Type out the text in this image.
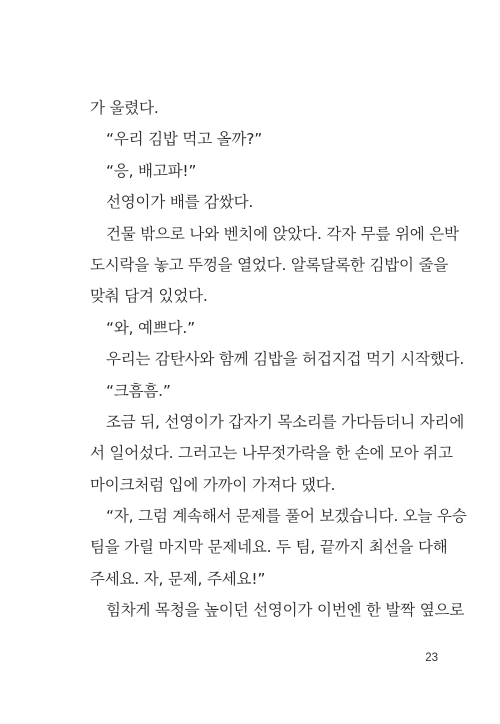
가 울렸다.
“우리 김밥 먹고 올까?”
“응, 배고파!”
선영이가 배를 감쌌다.
건물 밖으로 나와 벤치에 앉았다. 각자 무릎 위에 은박
도시락을 놓고 뚜껑을 열었다. 알록달록한 김밥이 줄을
맞춰 담겨 있었다.
“와, 예쁘다.”
우리는 감탄사와 함께 김밥을 허겁지겁 먹기 시작했다.
“크흠흠.”
조금 뒤, 선영이가 갑자기 목소리를 가다듬더니 자리에
서 일어섰다. 그러고는 나무젓가락을 한 손에 모아 쥐고
마이크처럼 입에 가까이 가져다 댔다.
“자, 그럼 계속해서 문제를 풀어 보겠습니다. 오늘 우승
팀을 가릴 마지막 문제네요. 두 팀, 끝까지 최선을 다해
주세요. 자, 문제, 주세요!”
힘차게 목청을 높이던 선영이가 이번엔 한 발짝 옆으로
23
